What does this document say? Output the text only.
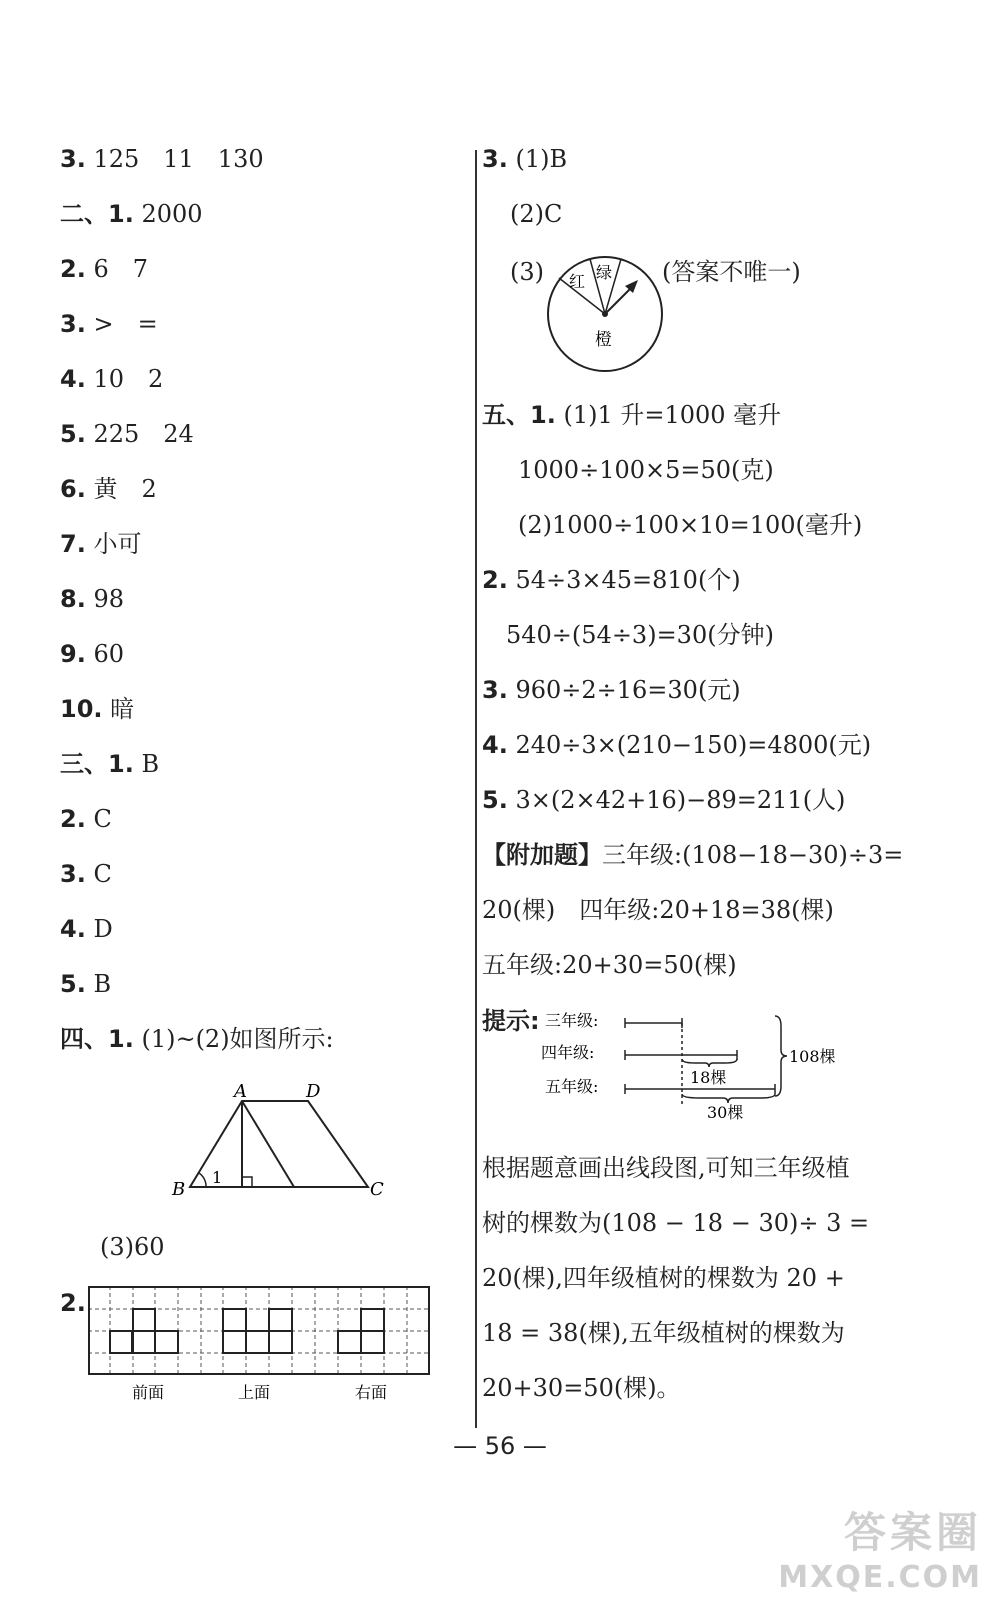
3. 125　11　130
二、1. 2000
2. 6　7
3. >　=
4. 10　2
5. 225　24
6. 黄　2
7. 小可
8. 98
9. 60
10. 暗
三、1. B
2. C
3. C
4. D
5. B
四、1. (1)~(2)如图所示:
A	D
B	C
1
(3)60
2.
前面	上面	右面
3. (1)B
(2)C
(3) 红 绿
橙
(答案不唯一)
五、1. (1)1 升=1000 毫升
1000÷100×5=50(克)
(2)1000÷100×10=100(毫升)
2. 54÷3×45=810(个)
540÷(54÷3)=30(分钟)
3. 960÷2÷16=30(元)
4. 240÷3×(210−150)=4800(元)
5. 3×(2×42+16)−89=211(人)
【附加题】三年级:(108−18−30)÷3=
20(棵)　四年级:20+18=38(棵)
五年级:20+30=50(棵)
提示: 三年级:
四年级:
五年级:	18棵
30棵
108棵
根据题意画出线段图,可知三年级植
树的棵数为(108 − 18 − 30)÷ 3 =
20(棵),四年级植树的棵数为 20 +
18 = 38(棵),五年级植树的棵数为
20+30=50(棵)。
— 56 —
答案圈
MXQE.COM
